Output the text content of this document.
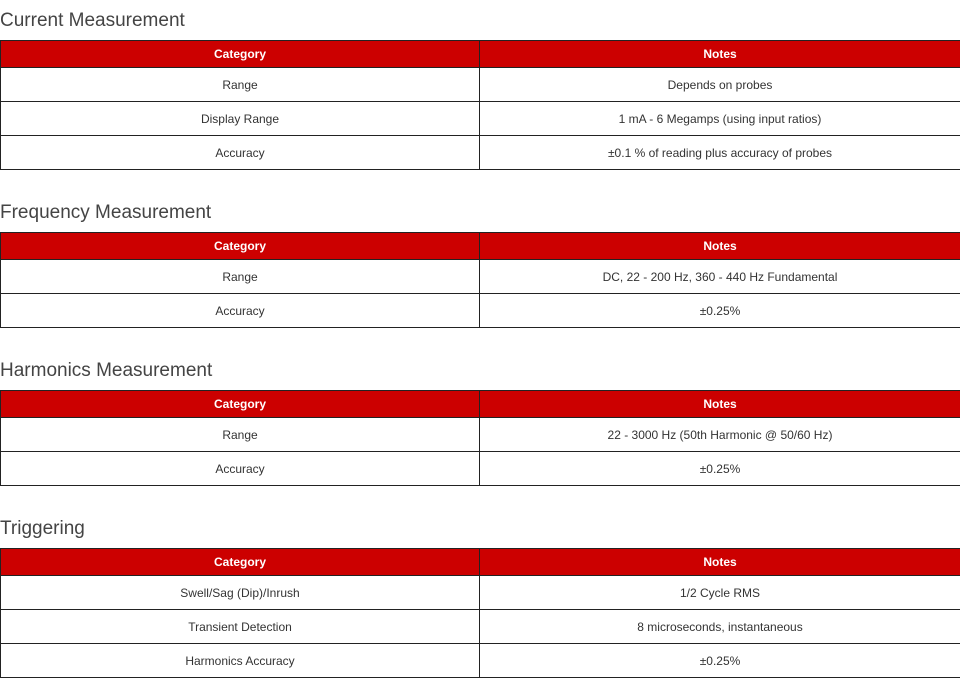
Current Measurement
Category	Notes
Range	Depends on probes
Display Range	1 mA - 6 Megamps (using input ratios)
Accuracy	±0.1 % of reading plus accuracy of probes
Frequency Measurement
Category	Notes
Range	DC, 22 - 200 Hz, 360 - 440 Hz Fundamental
Accuracy	±0.25%
Harmonics Measurement
Category	Notes
Range	22 - 3000 Hz (50th Harmonic @ 50/60 Hz)
Accuracy	±0.25%
Triggering
Category	Notes
Swell/Sag (Dip)/Inrush	1/2 Cycle RMS
Transient Detection	8 microseconds, instantaneous
Harmonics Accuracy	±0.25%
